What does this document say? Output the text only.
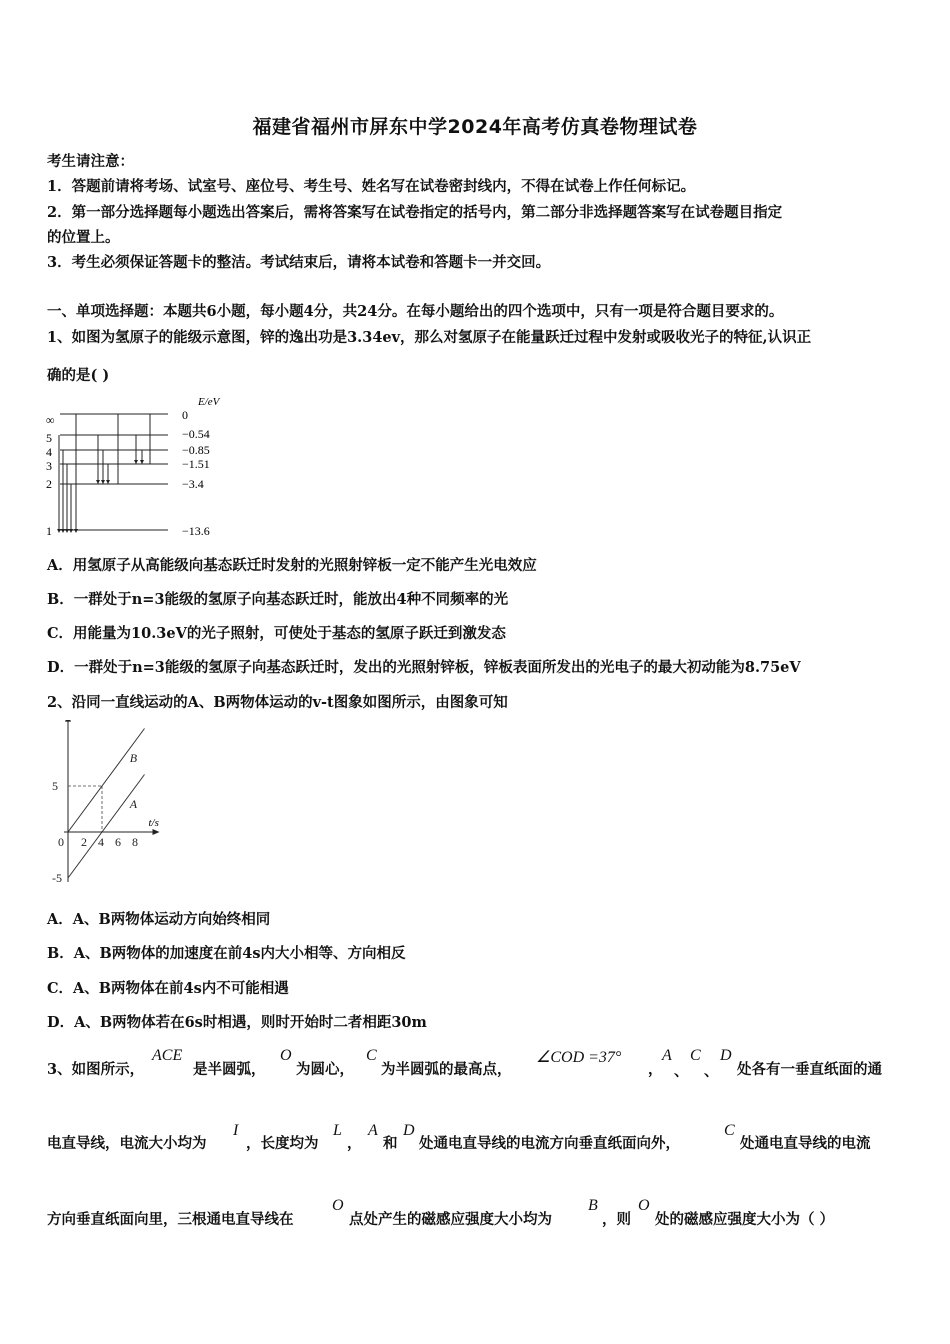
福建省福州市屏东中学2024年高考仿真卷物理试卷
考生请注意：
1．答题前请将考场、试室号、座位号、考生号、姓名写在试卷密封线内，不得在试卷上作任何标记。
2．第一部分选择题每小题选出答案后，需将答案写在试卷指定的括号内，第二部分非选择题答案写在试卷题目指定
的位置上。
3．考生必须保证答题卡的整洁。考试结束后，请将本试卷和答题卡一并交回。
一、单项选择题：本题共6小题，每小题4分，共24分。在每小题给出的四个选项中，只有一项是符合题目要求的。
1、如图为氢原子的能级示意图，锌的逸出功是3.34ev，那么对氢原子在能量跃迁过程中发射或吸收光子的特征,认识正
确的是( )
E/eV
∞
5
4
3
2
1
0
−0.54
−0.85
−1.51
−3.4
−13.6
A．用氢原子从高能级向基态跃迁时发射的光照射锌板一定不能产生光电效应
B．一群处于n=3能级的氢原子向基态跃迁时，能放出4种不同频率的光
C．用能量为10.3eV的光子照射，可使处于基态的氢原子跃迁到激发态
D．一群处于n=3能级的氢原子向基态跃迁时，发出的光照射锌板，锌板表面所发出的光电子的最大初动能为8.75eV
2、沿同一直线运动的A、B两物体运动的v-t图象如图所示，由图象可知
t/s
0 2 4 6 8
5
-5
B
A
A．A、B两物体运动方向始终相同
B．A、B两物体的加速度在前4s内大小相等、方向相反
C．A、B两物体在前4s内不可能相遇
D．A、B两物体若在6s时相遇，则时开始时二者相距30m
3、如图所示，
ACE
是半圆弧，
O
为圆心，
C
为半圆弧的最高点，
∠COD =37°
，
A
、
C
、
D
处各有一垂直纸面的通
电直导线，电流大小均为
I
，长度均为
L
，
A
和
D
处通电直导线的电流方向垂直纸面向外，
C
处通电直导线的电流
方向垂直纸面向里，三根通电直导线在
O
点处产生的磁感应强度大小均为
B
，则
O
处的磁感应强度大小为（ ）
